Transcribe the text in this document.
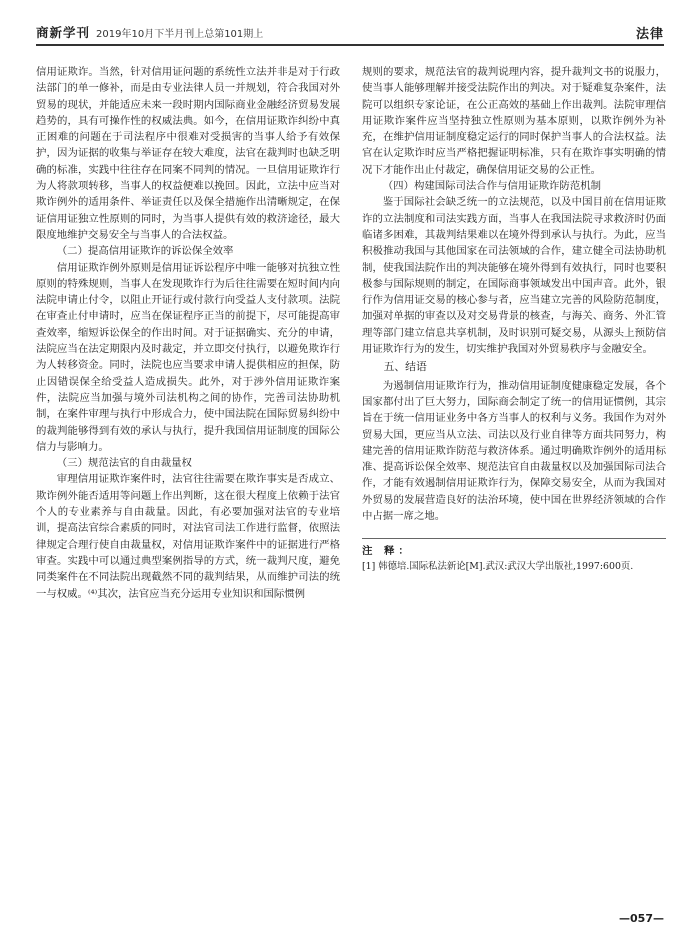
商新学刊 2019年10月下半月刊上总第101期上	法律

信用证欺诈。当然，针对信用证问题的系统性立法并非是对于行政法部门的单一修补，而是由专业法律人员一并规划，符合我国对外贸易的现状，并能适应未来一段时期内国际商业金融经济贸易发展趋势的，具有可操作性的权威法典。如今，在信用证欺诈纠纷中真正困难的问题在于司法程序中很难对受损害的当事人给予有效保护，因为证据的收集与举证存在较大难度，法官在裁判时也缺乏明确的标准，实践中往往存在同案不同判的情况。一旦信用证欺诈行为人将款项转移，当事人的权益便难以挽回。因此，立法中应当对欺诈例外的适用条件、举证责任以及保全措施作出清晰规定，在保证信用证独立性原则的同时，为当事人提供有效的救济途径，最大限度地维护交易安全与当事人的合法权益。

（二）提高信用证欺诈的诉讼保全效率

信用证欺诈例外原则是信用证诉讼程序中唯一能够对抗独立性原则的特殊规则，当事人在发现欺诈行为后往往需要在短时间内向法院申请止付令，以阻止开证行或付款行向受益人支付款项。法院在审查止付申请时，应当在保证程序正当的前提下，尽可能提高审查效率，缩短诉讼保全的作出时间。对于证据确实、充分的申请，法院应当在法定期限内及时裁定，并立即交付执行，以避免欺诈行为人转移资金。同时，法院也应当要求申请人提供相应的担保，防止因错误保全给受益人造成损失。此外，对于涉外信用证欺诈案件，法院应当加强与境外司法机构之间的协作，完善司法协助机制，在案件审理与执行中形成合力，使中国法院在国际贸易纠纷中的裁判能够得到有效的承认与执行，提升我国信用证制度的国际公信力与影响力。

（三）规范法官的自由裁量权

审理信用证欺诈案件时，法官往往需要在欺诈事实是否成立、欺诈例外能否适用等问题上作出判断，这在很大程度上依赖于法官个人的专业素养与自由裁量。因此，有必要加强对法官的专业培训，提高法官综合素质的同时，对法官司法工作进行监督，依照法律规定合理行使自由裁量权，对信用证欺诈案件中的证据进行严格审查。实践中可以通过典型案例指导的方式，统一裁判尺度，避免同类案件在不同法院出现截然不同的裁判结果，从而维护司法的统一与权威。⁽⁴⁾其次，法官应当充分运用专业知识和国际惯例

规则的要求，规范法官的裁判说理内容，提升裁判文书的说服力，使当事人能够理解并接受法院作出的判决。对于疑难复杂案件，法院可以组织专家论证，在公正高效的基础上作出裁判。法院审理信用证欺诈案件应当坚持独立性原则为基本原则，以欺诈例外为补充，在维护信用证制度稳定运行的同时保护当事人的合法权益。法官在认定欺诈时应当严格把握证明标准，只有在欺诈事实明确的情况下才能作出止付裁定，确保信用证交易的公正性。

（四）构建国际司法合作与信用证欺诈防范机制

鉴于国际社会缺乏统一的立法规范，以及中国目前在信用证欺诈的立法制度和司法实践方面，当事人在我国法院寻求救济时仍面临诸多困难，其裁判结果难以在境外得到承认与执行。为此，应当积极推动我国与其他国家在司法领域的合作，建立健全司法协助机制，使我国法院作出的判决能够在境外得到有效执行，同时也要积极参与国际规则的制定，在国际商事领域发出中国声音。此外，银行作为信用证交易的核心参与者，应当建立完善的风险防范制度，加强对单据的审查以及对交易背景的核查，与海关、商务、外汇管理等部门建立信息共享机制，及时识别可疑交易，从源头上预防信用证欺诈行为的发生，切实维护我国对外贸易秩序与金融安全。

五、结语

为遏制信用证欺诈行为，推动信用证制度健康稳定发展，各个国家都付出了巨大努力，国际商会制定了统一的信用证惯例，其宗旨在于统一信用证业务中各方当事人的权利与义务。我国作为对外贸易大国，更应当从立法、司法以及行业自律等方面共同努力，构建完善的信用证欺诈防范与救济体系。通过明确欺诈例外的适用标准、提高诉讼保全效率、规范法官自由裁量权以及加强国际司法合作，才能有效遏制信用证欺诈行为，保障交易安全，从而为我国对外贸易的发展营造良好的法治环境，使中国在世界经济领域的合作中占据一席之地。

注 释：
[1] 韩德培.国际私法新论[M].武汉:武汉大学出版社,1997:600页.
—057—
